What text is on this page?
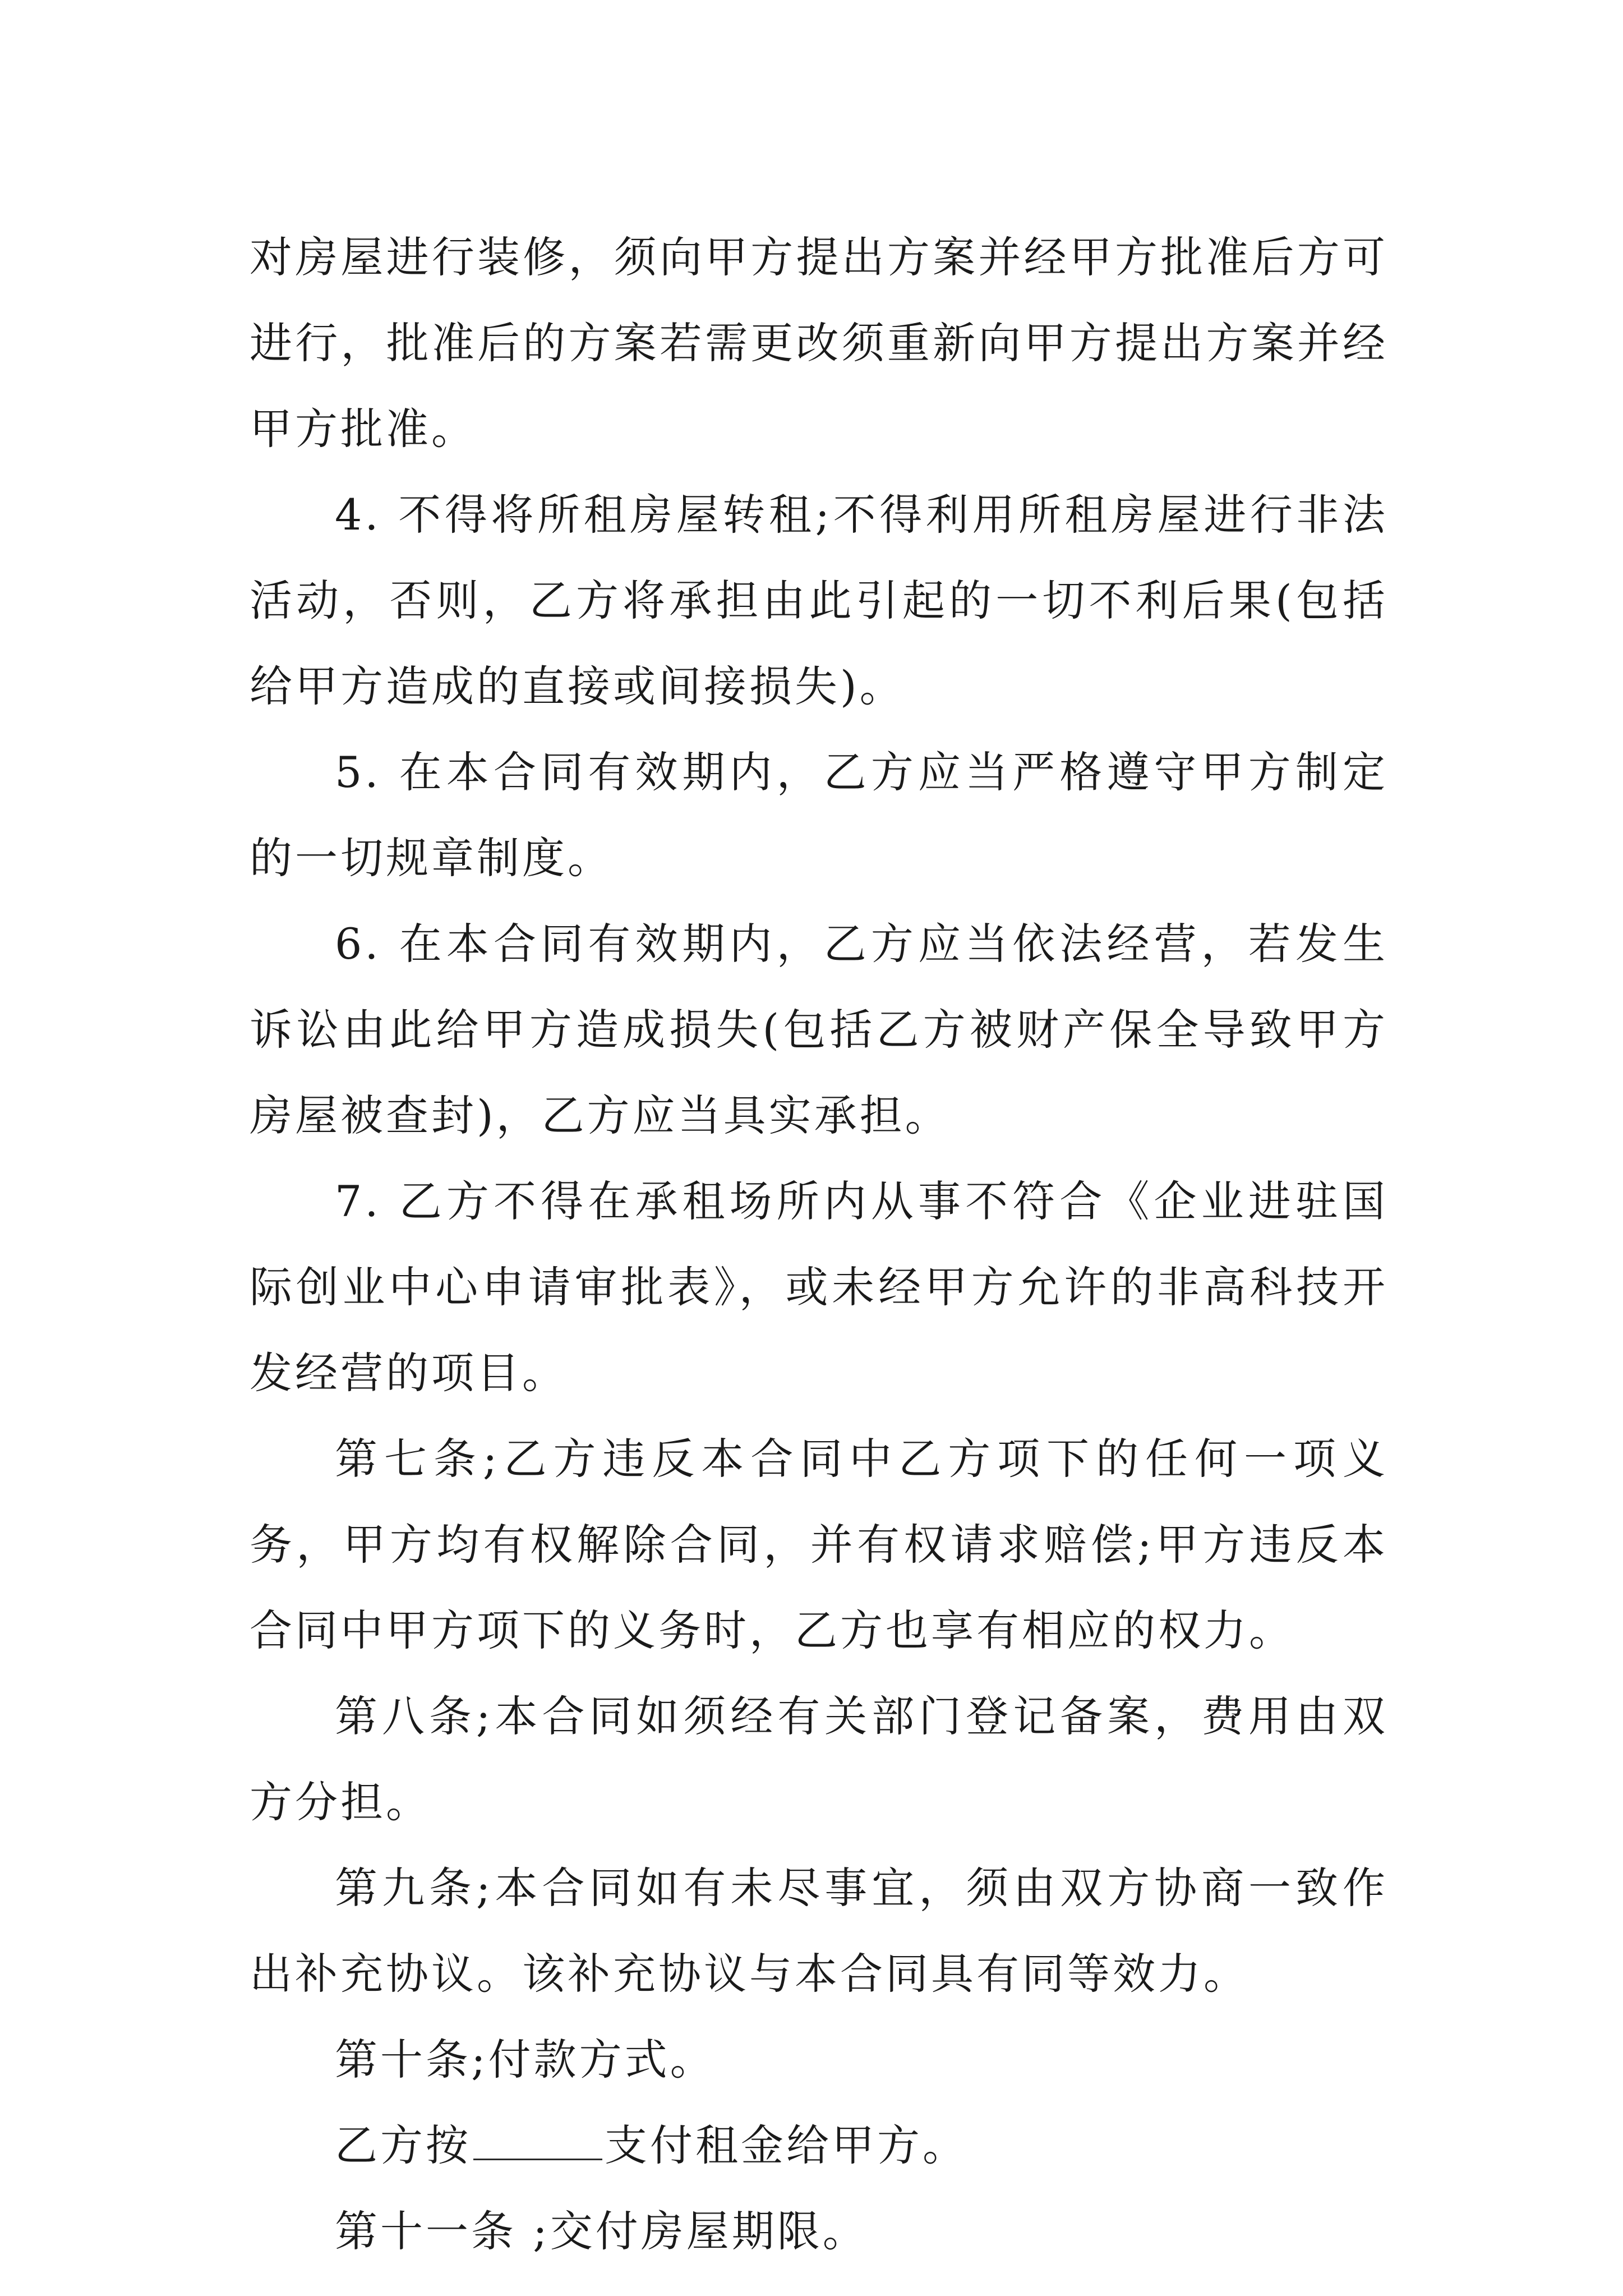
对房屋进行装修，须向甲方提出方案并经甲方批准后方可进行，批准后的方案若需更改须重新向甲方提出方案并经甲方批准。

4. 不得将所租房屋转租;不得利用所租房屋进行非法活动，否则，乙方将承担由此引起的一切不利后果(包括给甲方造成的直接或间接损失)。

5. 在本合同有效期内，乙方应当严格遵守甲方制定的一切规章制度。

6. 在本合同有效期内，乙方应当依法经营，若发生诉讼由此给甲方造成损失(包括乙方被财产保全导致甲方房屋被查封)，乙方应当具实承担。

7. 乙方不得在承租场所内从事不符合《企业进驻国际创业中心申请审批表》，或未经甲方允许的非高科技开发经营的项目。

第七条;乙方违反本合同中乙方项下的任何一项义务，甲方均有权解除合同，并有权请求赔偿;甲方违反本合同中甲方项下的义务时，乙方也享有相应的权力。

第八条;本合同如须经有关部门登记备案，费用由双方分担。

第九条;本合同如有未尽事宜，须由双方协商一致作出补充协议。该补充协议与本合同具有同等效力。

第十条;付款方式。

乙方按	支付租金给甲方。

第十一条 ;交付房屋期限。
